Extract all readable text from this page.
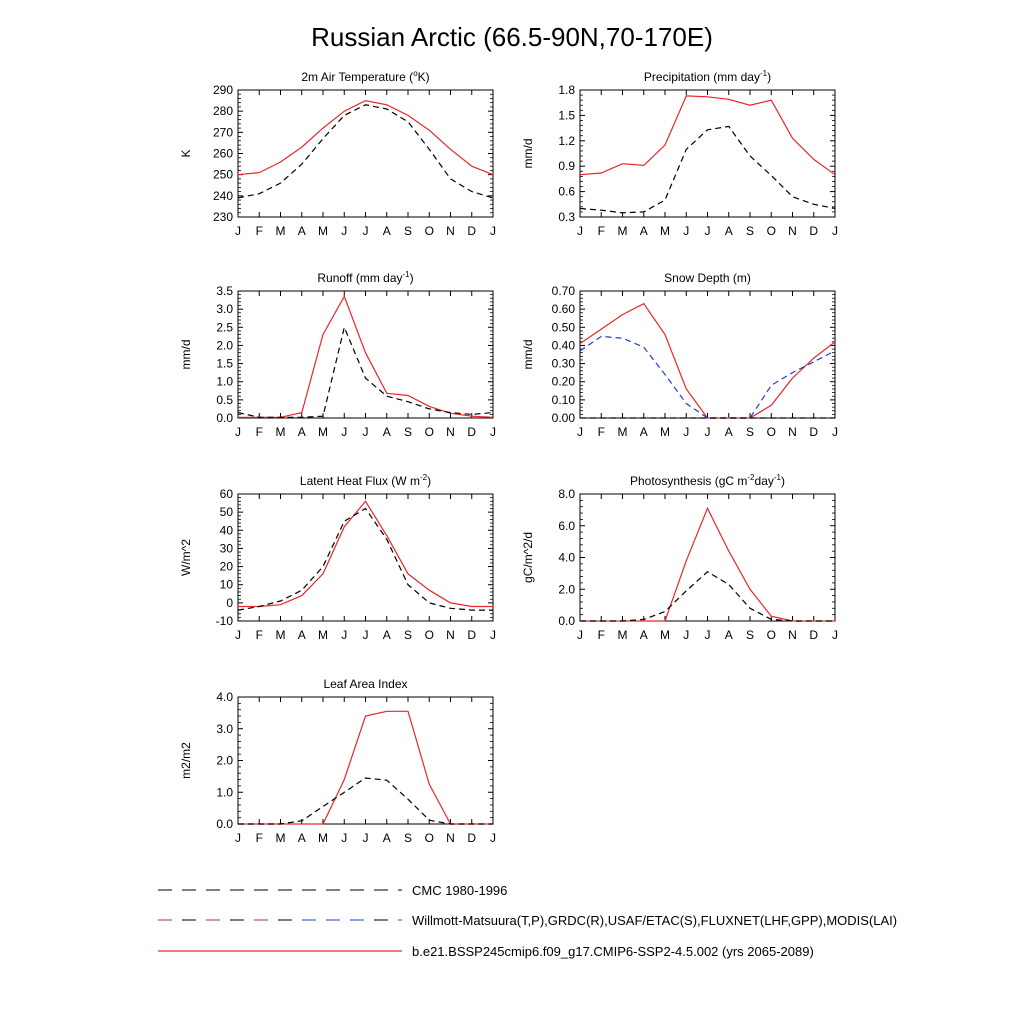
Russian Arctic (66.5-90N,70-170E)
2m Air Temperature ($^o$K)
K
230
240
250
260
270
280
290
J F M A M J J A S O N D J
Precipitation (mm day$^{-1}$)
mm/d
0.3
0.6
0.9
1.2
1.5
1.8
J F M A M J J A S O N D J
Runoff (mm day$^{-1}$)
mm/d
0.0
0.5
1.0
1.5
2.0
2.5
3.0
3.5
J F M A M J J A S O N D J
Snow Depth (m)
mm/d
0.00
0.10
0.20
0.30
0.40
0.50
0.60
0.70
J F M A M J J A S O N D J
Latent Heat Flux (W $m^{-2}$)
W/m^2
-10
0
10
20
30
40
50
60
J F M A M J J A S O N D J
Photosynthesis (gC $m^{-2}day^{-1}$)
gC/m^2/d
0.0
2.0
4.0
6.0
8.0
J F M A M J J A S O N D J
Leaf Area Index
m2/m2
0.0
1.0
2.0
3.0
4.0
J F M A M J J A S O N D J
CMC 1980-1996
Willmott-Matsuura(T,P),GRDC(R),USAF/ETAC(S),FLUXNET(LHF,GPP),MODIS(LAI)
b.e21.BSSP245cmip6.f09_g17.CMIP6-SSP2-4.5.002 (yrs 2065-2089)
